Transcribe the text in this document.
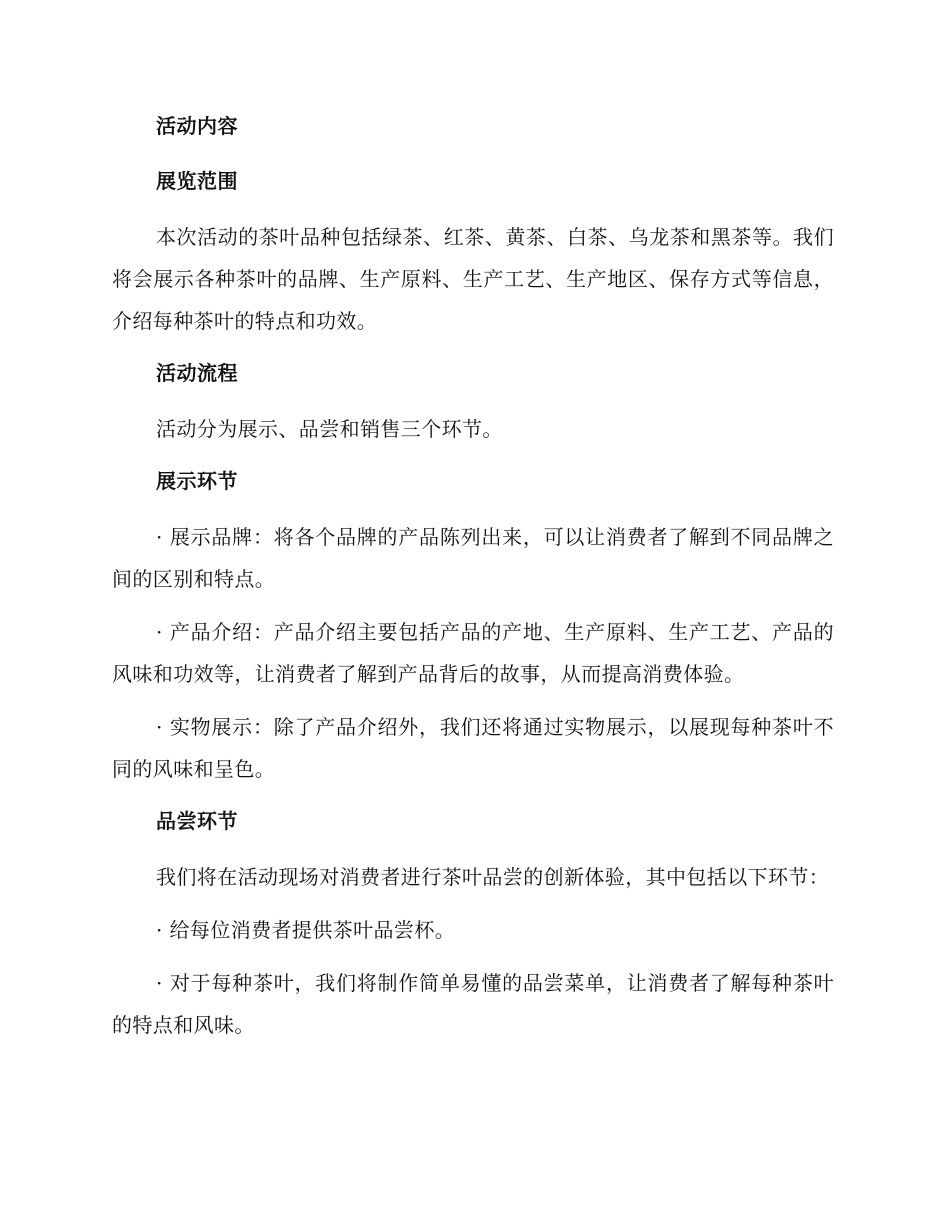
活动内容
展览范围

本次活动的茶叶品种包括绿茶、红茶、黄茶、白茶、乌龙茶和黑茶等。我们将会展示各种茶叶的品牌、生产原料、生产工艺、生产地区、保存方式等信息，介绍每种茶叶的特点和功效。

活动流程

活动分为展示、品尝和销售三个环节。

展示环节

· 展示品牌：将各个品牌的产品陈列出来，可以让消费者了解到不同品牌之间的区别和特点。

· 产品介绍：产品介绍主要包括产品的产地、生产原料、生产工艺、产品的风味和功效等，让消费者了解到产品背后的故事，从而提高消费体验。

· 实物展示：除了产品介绍外，我们还将通过实物展示，以展现每种茶叶不同的风味和呈色。

品尝环节

我们将在活动现场对消费者进行茶叶品尝的创新体验，其中包括以下环节：

· 给每位消费者提供茶叶品尝杯。

· 对于每种茶叶，我们将制作简单易懂的品尝菜单，让消费者了解每种茶叶的特点和风味。
